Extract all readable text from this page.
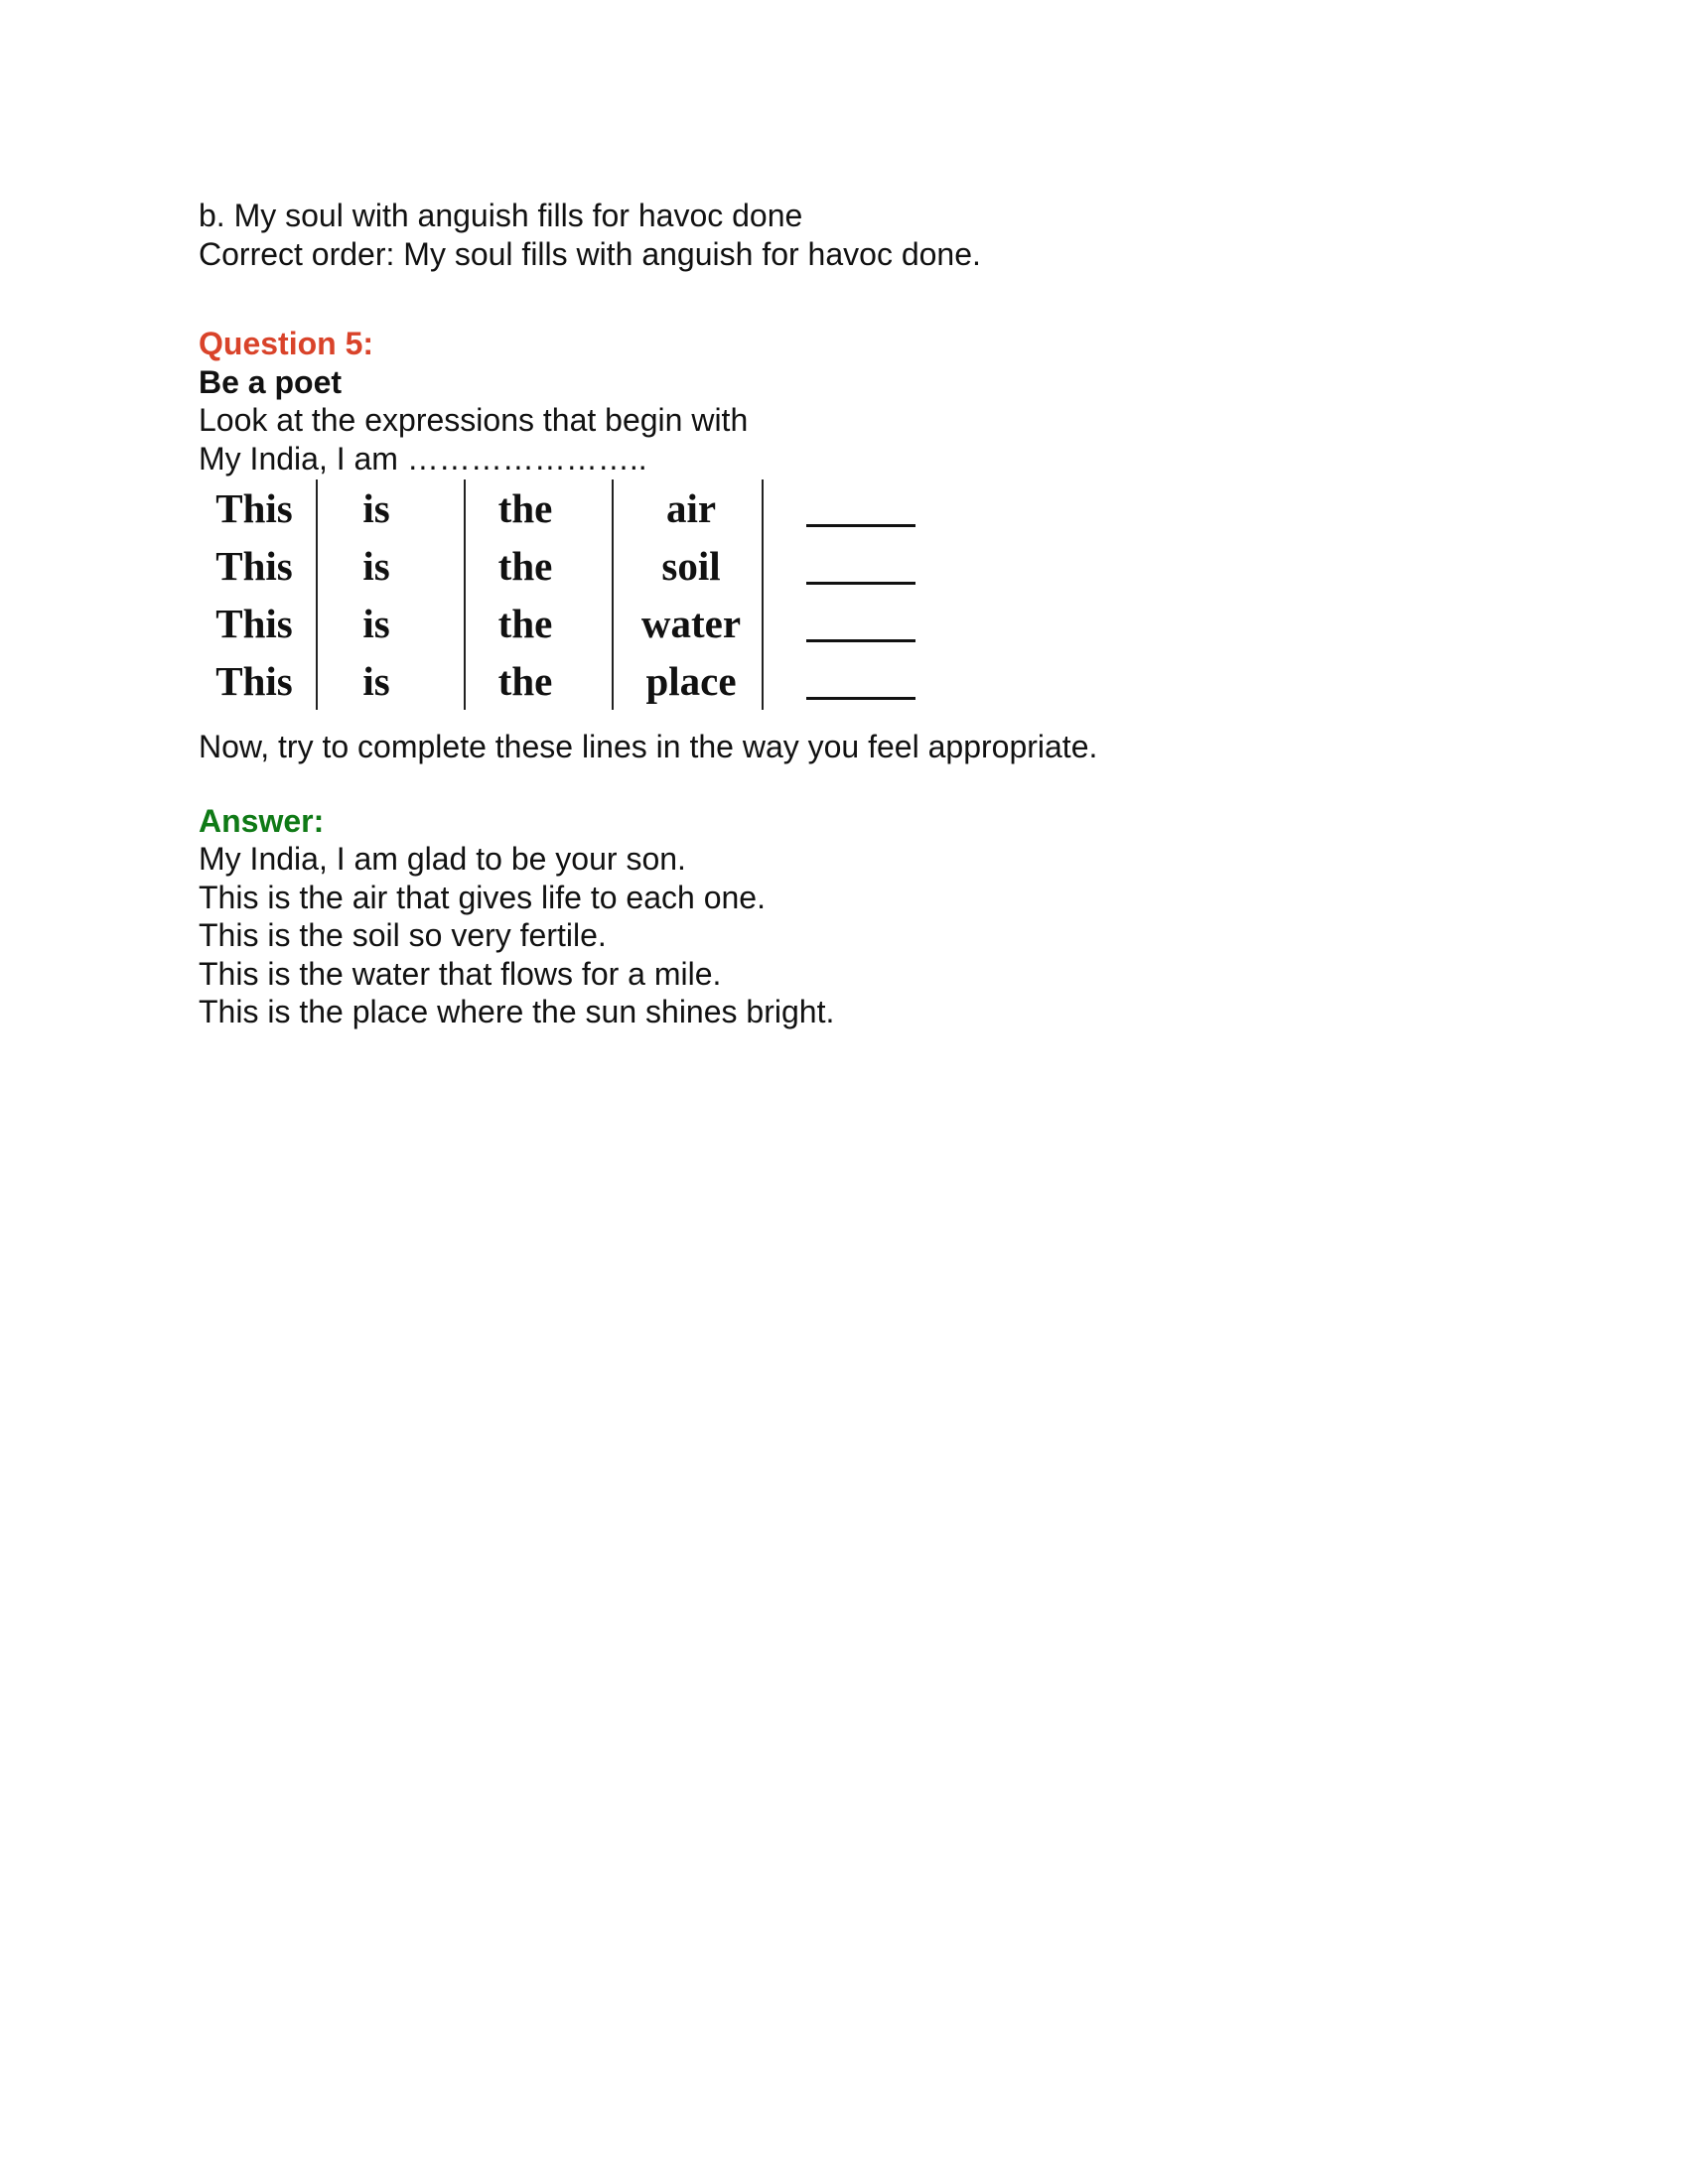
b. My soul with anguish fills for havoc done

Correct order: My soul fills with anguish for havoc done.

Question 5:

Be a poet

Look at the expressions that begin with

My India, I am …………………..

This	is	the	air
This	is	the	soil
This	is	the	water
This	is	the	place

Now, try to complete these lines in the way you feel appropriate.

Answer:

My India, I am glad to be your son.

This is the air that gives life to each one.

This is the soil so very fertile.

This is the water that flows for a mile.

This is the place where the sun shines bright.
